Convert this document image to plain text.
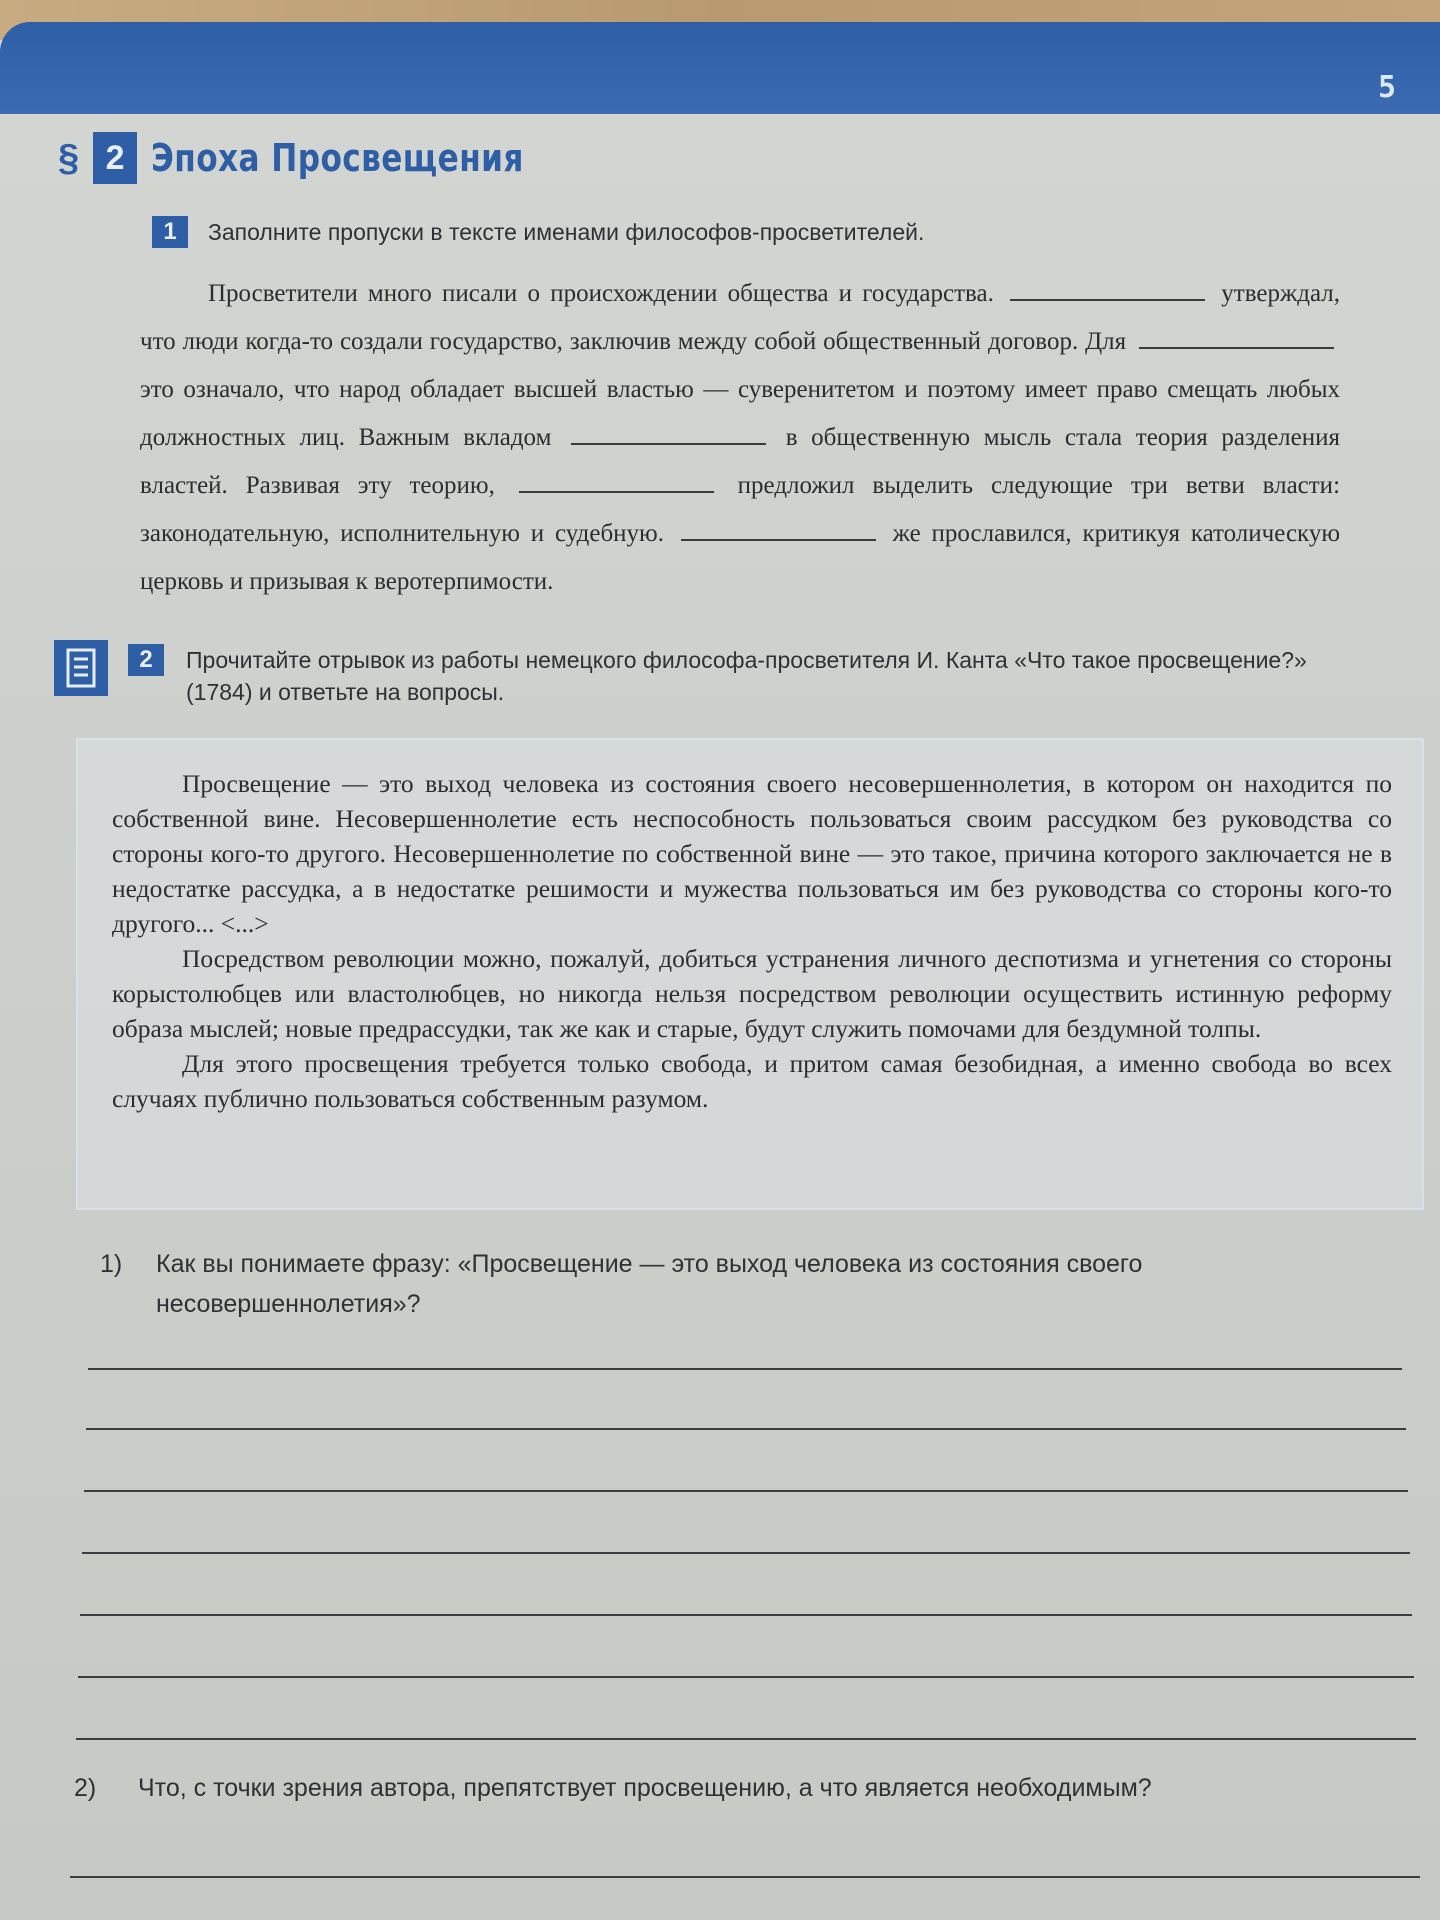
5
§ 2 Эпоха Просвещения
1	Заполните пропуски в тексте именами философов-просветителей.

Просветители много писали о происхождении общества и государства.	утверждал, что люди когда-то создали государство, заключив между собой общественный договор. Для  это означало, что народ обладает высшей властью — суверенитетом и поэтому имеет право смещать любых должностных лиц. Важным вкладом	в общественную мысль стала теория разделения властей. Развивая эту теорию,	предложил выделить следующие три ветви власти: законодательную, исполнительную и судебную.	же прославился, критикуя католическую церковь и призывая к веротерпимости.

2	Прочитайте отрывок из работы немецкого философа-просветителя И. Канта «Что такое просвещение?» (1784) и ответьте на вопросы.

Просвещение — это выход человека из состояния своего несовершеннолетия, в котором он находится по собственной вине. Несовершеннолетие есть неспособность пользоваться своим рассудком без руководства со стороны кого-то другого. Несовершеннолетие по собственной вине — это такое, причина которого заключается не в недостатке рассудка, а в недостатке решимости и мужества пользоваться им без руководства со стороны кого-то другого... <...>

Посредством революции можно, пожалуй, добиться устранения личного деспотизма и угнетения со стороны корыстолюбцев или властолюбцев, но никогда нельзя посредством революции осуществить истинную реформу образа мыслей; новые предрассудки, так же как и старые, будут служить помочами для бездумной толпы.

Для этого просвещения требуется только свобода, и притом самая безобидная, а именно свобода во всех случаях публично пользоваться собственным разумом.

1)	Как вы понимаете фразу: «Просвещение — это выход человека из состояния своего несовершеннолетия»?
2)	Что, с точки зрения автора, препятствует просвещению, а что является необходимым?
